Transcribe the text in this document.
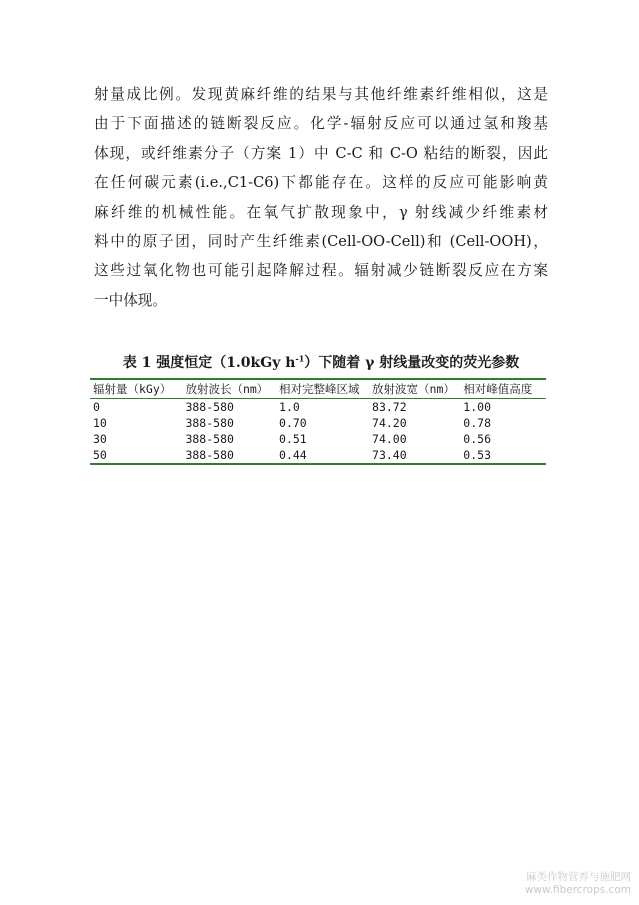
射量成比例。发现黄麻纤维的结果与其他纤维素纤维相似，这是
由于下面描述的链断裂反应。化学-辐射反应可以通过氢和羧基
体现，或纤维素分子（方案 1）中 C-C 和 C-O 粘结的断裂，因此
在任何碳元素(i.e.,C1-C6)下都能存在。这样的反应可能影响黄
麻纤维的机械性能。在氧气扩散现象中，γ 射线减少纤维素材
料中的原子团，同时产生纤维素(Cell-OO-Cell)和 (Cell-OOH)，
这些过氧化物也可能引起降解过程。辐射减少链断裂反应在方案
一中体现。
表 1 强度恒定（1.0kGy $h^{-1}$）下随着 γ 射线量改变的荧光参数
辐射量（kGy）	放射波长（nm）	相对完整峰区域	放射波宽（nm）	相对峰值高度
0	388-580	1.0	83.72	1.00
10	388-580	0.70	74.20	0.78
30	388-580	0.51	74.00	0.56
50	388-580	0.44	73.40	0.53
麻类作物营养与施肥网
www.fibercrops.com
